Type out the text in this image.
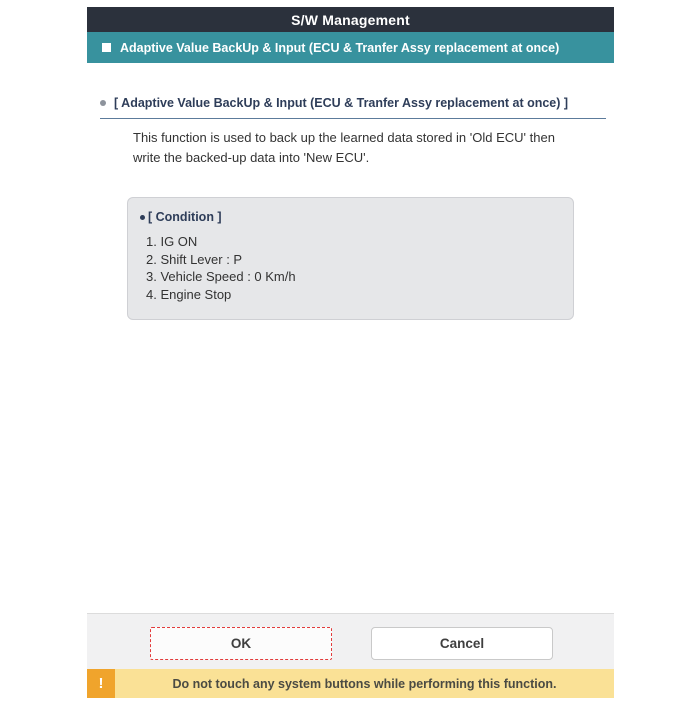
S/W Management
Adaptive Value BackUp & Input (ECU & Tranfer Assy replacement at once)
[ Adaptive Value BackUp & Input (ECU & Tranfer Assy replacement at once) ]
This function is used to back up the learned data stored in 'Old ECU' then
write the backed-up data into 'New ECU'.
[ Condition ]
1. IG ON
2. Shift Lever : P
3. Vehicle Speed : 0 Km/h
4. Engine Stop
OK	Cancel
!	Do not touch any system buttons while performing this function.
